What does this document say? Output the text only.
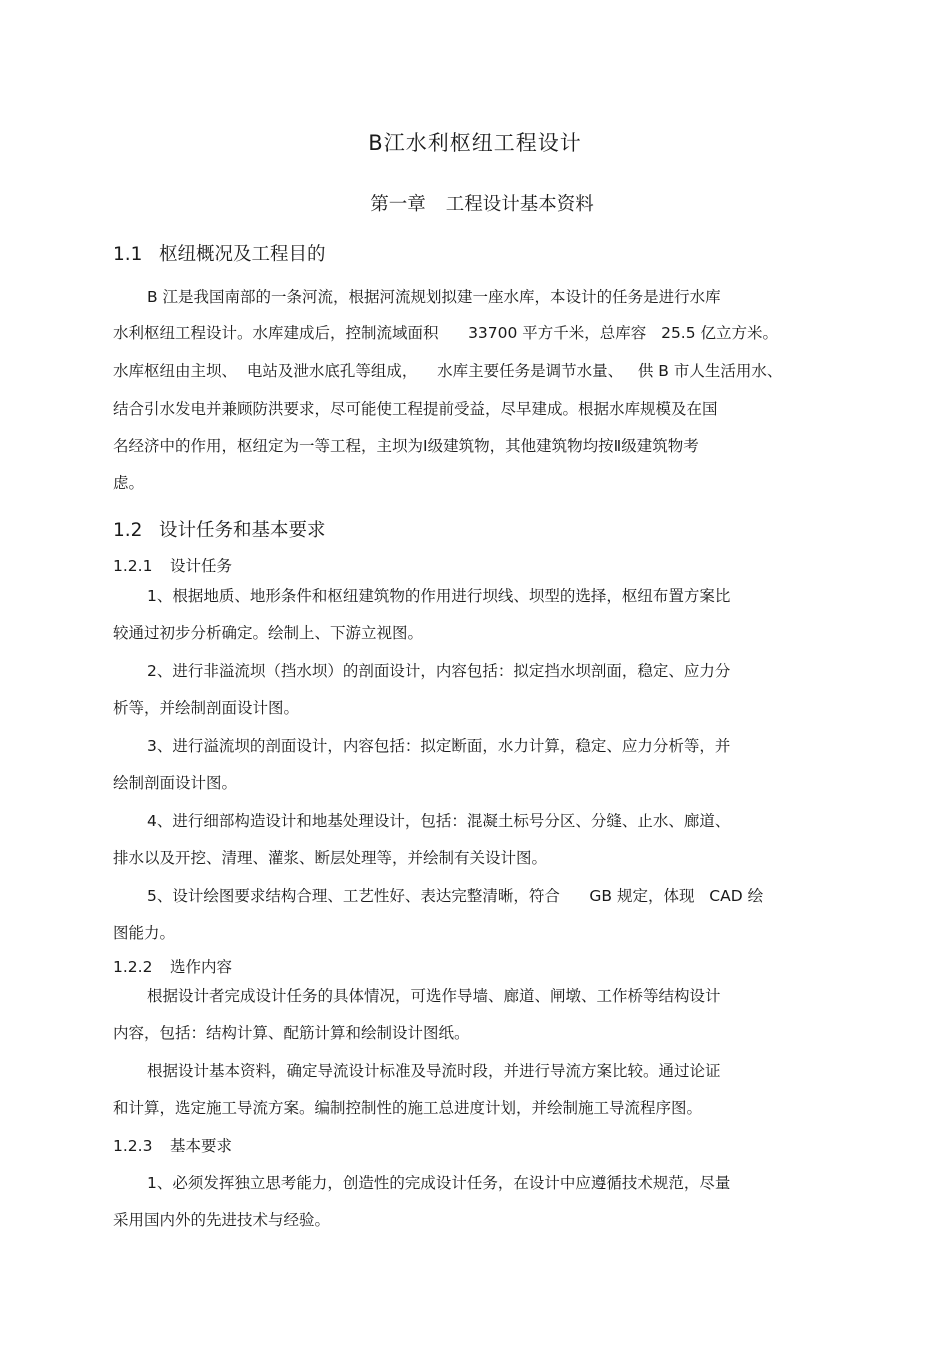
B江水利枢纽工程设计
第一章 工程设计基本资料
1.1 枢纽概况及工程目的
B 江是我国南部的一条河流，根据河流规划拟建一座水库，本设计的任务是进行水库
水利枢纽工程设计。水库建成后，控制流域面积      33700 平方千米，总库容   25.5 亿立方米。
水库枢纽由主坝、  电站及泄水底孔等组成，    水库主要任务是调节水量、   供 B 市人生活用水、
结合引水发电并兼顾防洪要求，尽可能使工程提前受益，尽早建成。根据水库规模及在国
名经济中的作用，枢纽定为一等工程，主坝为Ⅰ级建筑物，其他建筑物均按Ⅱ级建筑物考
虑。
1.2 设计任务和基本要求
1.2.1 设计任务
1、根据地质、地形条件和枢纽建筑物的作用进行坝线、坝型的选择，枢纽布置方案比
较通过初步分析确定。绘制上、下游立视图。
2、进行非溢流坝（挡水坝）的剖面设计，内容包括：拟定挡水坝剖面，稳定、应力分
析等，并绘制剖面设计图。
3、进行溢流坝的剖面设计，内容包括：拟定断面，水力计算，稳定、应力分析等，并
绘制剖面设计图。
4、进行细部构造设计和地基处理设计，包括：混凝土标号分区、分缝、止水、廊道、
排水以及开挖、清理、灌浆、断层处理等，并绘制有关设计图。
5、设计绘图要求结构合理、工艺性好、表达完整清晰，符合      GB 规定，体现   CAD 绘
图能力。
1.2.2 选作内容
根据设计者完成设计任务的具体情况，可选作导墙、廊道、闸墩、工作桥等结构设计
内容，包括：结构计算、配筋计算和绘制设计图纸。
根据设计基本资料，确定导流设计标准及导流时段，并进行导流方案比较。通过论证
和计算，选定施工导流方案。编制控制性的施工总进度计划，并绘制施工导流程序图。
1.2.3 基本要求
1、必须发挥独立思考能力，创造性的完成设计任务，在设计中应遵循技术规范，尽量
采用国内外的先进技术与经验。
